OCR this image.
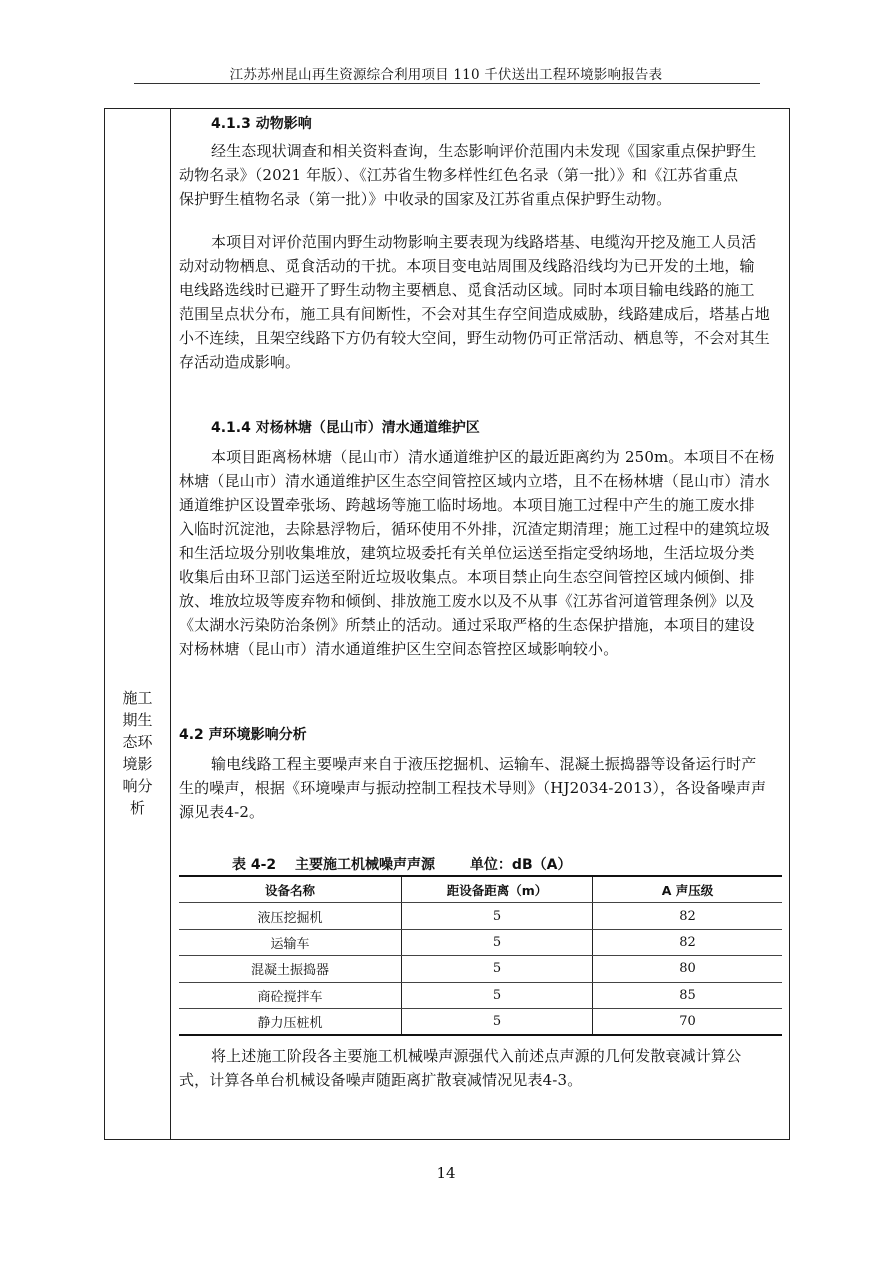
江苏苏州昆山再生资源综合利用项目 110 千伏送出工程环境影响报告表
施工
期生
态环
境影
响分
析
4.1.3 动物影响
经生态现状调查和相关资料查询，生态影响评价范围内未发现《国家重点保护野生
动物名录》（2021 年版）、《江苏省生物多样性红色名录（第一批）》和《江苏省重点
保护野生植物名录（第一批）》中收录的国家及江苏省重点保护野生动物。
本项目对评价范围内野生动物影响主要表现为线路塔基、电缆沟开挖及施工人员活
动对动物栖息、觅食活动的干扰。本项目变电站周围及线路沿线均为已开发的土地，输
电线路选线时已避开了野生动物主要栖息、觅食活动区域。同时本项目输电线路的施工
范围呈点状分布，施工具有间断性，不会对其生存空间造成威胁，线路建成后，塔基占地
小不连续，且架空线路下方仍有较大空间，野生动物仍可正常活动、栖息等，不会对其生
存活动造成影响。
4.1.4 对杨林塘（昆山市）清水通道维护区
本项目距离杨林塘（昆山市）清水通道维护区的最近距离约为 250m。本项目不在杨
林塘（昆山市）清水通道维护区生态空间管控区域内立塔，且不在杨林塘（昆山市）清水
通道维护区设置牵张场、跨越场等施工临时场地。本项目施工过程中产生的施工废水排
入临时沉淀池，去除悬浮物后，循环使用不外排，沉渣定期清理；施工过程中的建筑垃圾
和生活垃圾分别收集堆放，建筑垃圾委托有关单位运送至指定受纳场地，生活垃圾分类
收集后由环卫部门运送至附近垃圾收集点。本项目禁止向生态空间管控区域内倾倒、排
放、堆放垃圾等废弃物和倾倒、排放施工废水以及不从事《江苏省河道管理条例》以及
《太湖水污染防治条例》所禁止的活动。通过采取严格的生态保护措施，本项目的建设
对杨林塘（昆山市）清水通道维护区生空间态管控区域影响较小。
4.2 声环境影响分析
输电线路工程主要噪声来自于液压挖掘机、运输车、混凝土振捣器等设备运行时产
生的噪声，根据《环境噪声与振动控制工程技术导则》（HJ2034-2013），各设备噪声声
源见表4-2。
将上述施工阶段各主要施工机械噪声源强代入前述点声源的几何发散衰减计算公
式，计算各单台机械设备噪声随距离扩散衰减情况见表4-3。
表 4-2 主要施工机械噪声声源 单位：dB（A）
设备名称	距设备距离（m）	A 声压级
液压挖掘机	5	82
运输车	5	82
混凝土振捣器	5	80
商砼搅拌车	5	85
静力压桩机	5	70
14
